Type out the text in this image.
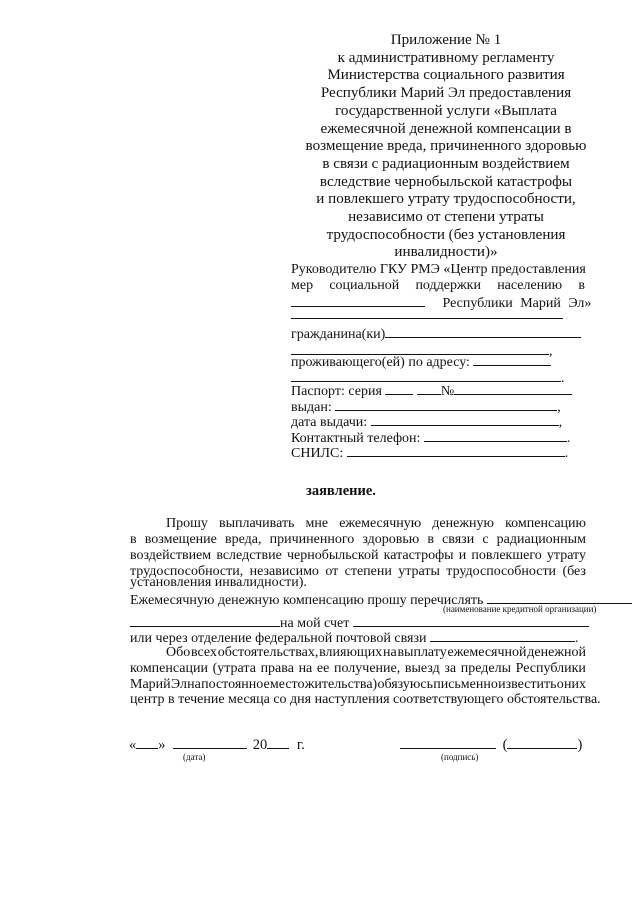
Приложение № 1
к административному регламенту
Министерства социального развития
Республики Марий Эл предоставления
государственной услуги «Выплата
ежемесячной денежной компенсации в
возмещение вреда, причиненного здоровью
в связи с радиационным воздействием
вследствие чернобыльской катастрофы
и повлекшего утрату трудоспособности,
независимо от степени утраты
трудоспособности (без установления
инвалидности)»
Руководителю ГКУ РМЭ «Центр предоставления
мер социальной поддержки населению в
Республики Марий Эл»
гражданина(ки)
,
проживающего(ей) по адресу:
.
Паспорт: серия	№
выдан:	,
дата выдачи:	,
Контактный телефон:	.
СНИЛС:	.
заявление.
Прошу выплачивать мне ежемесячную денежную компенсацию
в возмещение вреда, причиненного здоровью в связи с радиационным
воздействием вследствие чернобыльской катастрофы и повлекшего утрату
трудоспособности, независимо от степени утраты трудоспособности (без
установления инвалидности).
Ежемесячную денежную компенсацию прошу перечислять
(наименование кредитной организации)
на мой счет
или через отделение федеральной почтовой связи	.
Обо всех обстоятельствах, влияющих на выплату ежемесячной денежной
компенсации (утрата права на ее получение, выезд за пределы Республики
Марий Эл на постоянное место жительства) обязуюсь письменно известить о них
центр в течение месяца со дня наступления соответствующего обстоятельства.
« »	20 г.
(дата)
(	)
(подпись)
